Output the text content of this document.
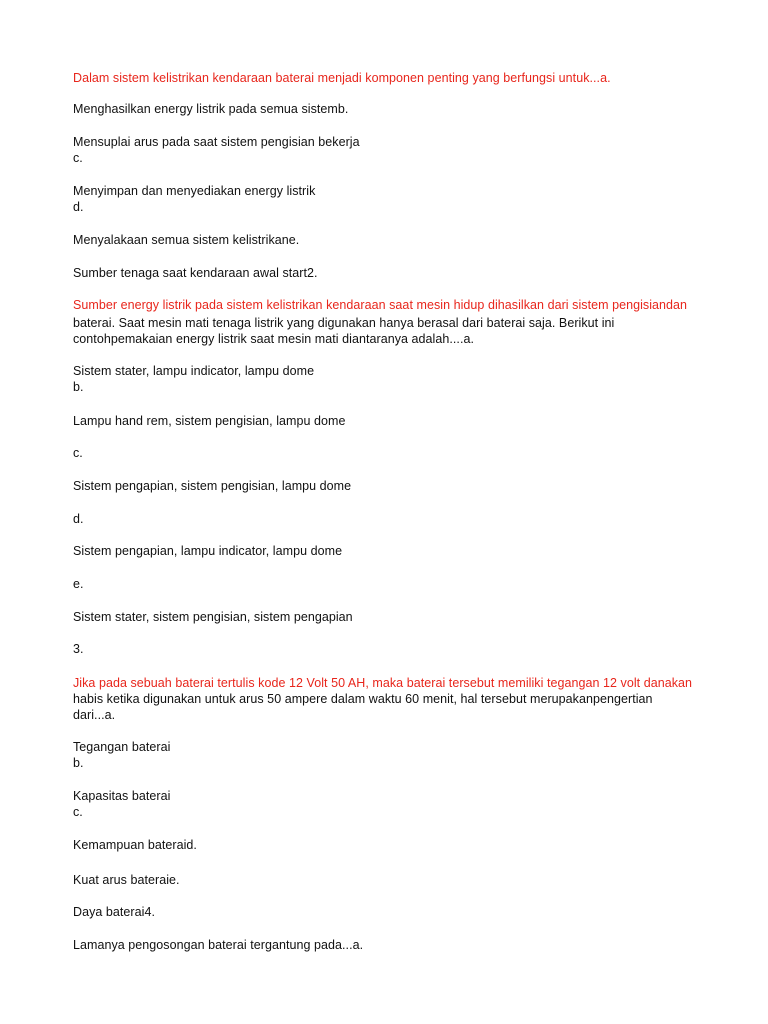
Dalam sistem kelistrikan kendaraan baterai menjadi komponen penting yang berfungsi untuk...a.
Menghasilkan energy listrik pada semua sistemb.
Mensuplai arus pada saat sistem pengisian bekerja
c.
Menyimpan dan menyediakan energy listrik
d.
Menyalakaan semua sistem kelistrikane.
Sumber tenaga saat kendaraan awal start2.
Sumber energy listrik pada sistem kelistrikan kendaraan saat mesin hidup dihasilkan dari sistem pengisiandan
baterai. Saat mesin mati tenaga listrik yang digunakan hanya berasal dari baterai saja. Berikut ini
contohpemakaian energy listrik saat mesin mati diantaranya adalah....a.
Sistem stater, lampu indicator, lampu dome
b.
Lampu hand rem, sistem pengisian, lampu dome
c.
Sistem pengapian, sistem pengisian, lampu dome
d.
Sistem pengapian, lampu indicator, lampu dome
e.
Sistem stater, sistem pengisian, sistem pengapian
3.
Jika pada sebuah baterai tertulis kode 12 Volt 50 AH, maka baterai tersebut memiliki tegangan 12 volt danakan
habis ketika digunakan untuk arus 50 ampere dalam waktu 60 menit, hal tersebut merupakanpengertian
dari...a.
Tegangan baterai
b.
Kapasitas baterai
c.
Kemampuan bateraid.
Kuat arus bateraie.
Daya baterai4.
Lamanya pengosongan baterai tergantung pada...a.
